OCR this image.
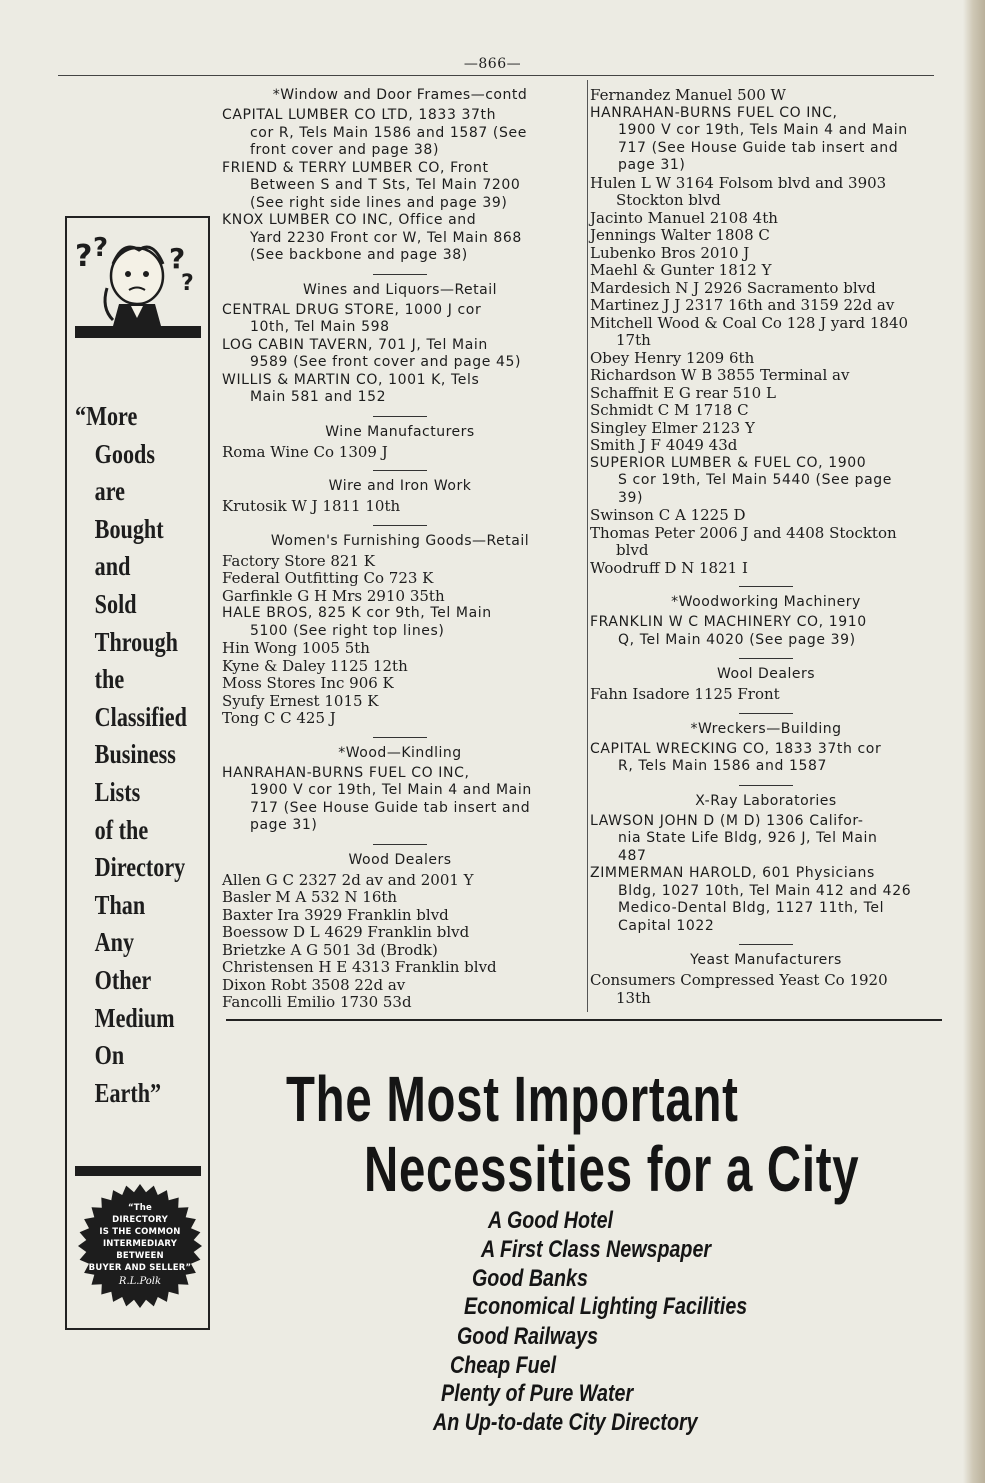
—866—
? ? ?
?
“More
Goods
are
Bought
and
Sold
Through
the
Classified
Business
Lists
of the
Directory
Than
Any
Other
Medium
On
Earth”
“The
DIRECTORY
IS THE COMMON
INTERMEDIARY
BETWEEN
BUYER AND SELLER”
R.L.Polk
*Window and Door Frames—contd
CAPITAL LUMBER CO LTD, 1833 37th
cor R, Tels Main 1586 and 1587 (See
front cover and page 38)
FRIEND & TERRY LUMBER CO, Front
Between S and T Sts, Tel Main 7200
(See right side lines and page 39)
KNOX LUMBER CO INC, Office and
Yard 2230 Front cor W, Tel Main 868
(See backbone and page 38)
Wines and Liquors—Retail
CENTRAL DRUG STORE, 1000 J cor
10th, Tel Main 598
LOG CABIN TAVERN, 701 J, Tel Main
9589 (See front cover and page 45)
WILLIS & MARTIN CO, 1001 K, Tels
Main 581 and 152
Wine Manufacturers
Roma Wine Co 1309 J
Wire and Iron Work
Krutosik W J 1811 10th
Women's Furnishing Goods—Retail
Factory Store 821 K
Federal Outfitting Co 723 K
Garfinkle G H Mrs 2910 35th
HALE BROS, 825 K cor 9th, Tel Main
5100 (See right top lines)
Hin Wong 1005 5th
Kyne & Daley 1125 12th
Moss Stores Inc 906 K
Syufy Ernest 1015 K
Tong C C 425 J
*Wood—Kindling
HANRAHAN-BURNS FUEL CO INC,
1900 V cor 19th, Tel Main 4 and Main
717 (See House Guide tab insert and
page 31)
Wood Dealers
Allen G C 2327 2d av and 2001 Y
Basler M A 532 N 16th
Baxter Ira 3929 Franklin blvd
Boessow D L 4629 Franklin blvd
Brietzke A G 501 3d (Brodk)
Christensen H E 4313 Franklin blvd
Dixon Robt 3508 22d av
Fancolli Emilio 1730 53d
Fernandez Manuel 500 W
HANRAHAN-BURNS FUEL CO INC,
1900 V cor 19th, Tels Main 4 and Main
717 (See House Guide tab insert and
page 31)
Hulen L W 3164 Folsom blvd and 3903
Stockton blvd
Jacinto Manuel 2108 4th
Jennings Walter 1808 C
Lubenko Bros 2010 J
Maehl & Gunter 1812 Y
Mardesich N J 2926 Sacramento blvd
Martinez J J 2317 16th and 3159 22d av
Mitchell Wood & Coal Co 128 J yard 1840
17th
Obey Henry 1209 6th
Richardson W B 3855 Terminal av
Schaffnit E G rear 510 L
Schmidt C M 1718 C
Singley Elmer 2123 Y
Smith J F 4049 43d
SUPERIOR LUMBER & FUEL CO, 1900
S cor 19th, Tel Main 5440 (See page
39)
Swinson C A 1225 D
Thomas Peter 2006 J and 4408 Stockton
blvd
Woodruff D N 1821 I
*Woodworking Machinery
FRANKLIN W C MACHINERY CO, 1910
Q, Tel Main 4020 (See page 39)
Wool Dealers
Fahn Isadore 1125 Front
*Wreckers—Building
CAPITAL WRECKING CO, 1833 37th cor
R, Tels Main 1586 and 1587
X-Ray Laboratories
LAWSON JOHN D (M D) 1306 Califor-
nia State Life Bldg, 926 J, Tel Main
487
ZIMMERMAN HAROLD, 601 Physicians
Bldg, 1027 10th, Tel Main 412 and 426
Medico-Dental Bldg, 1127 11th, Tel
Capital 1022
Yeast Manufacturers
Consumers Compressed Yeast Co 1920
13th
The Most Important
Necessities for a City
A Good Hotel
A First Class Newspaper
Good Banks
Economical Lighting Facilities
Good Railways
Cheap Fuel
Plenty of Pure Water
An Up-to-date City Directory
